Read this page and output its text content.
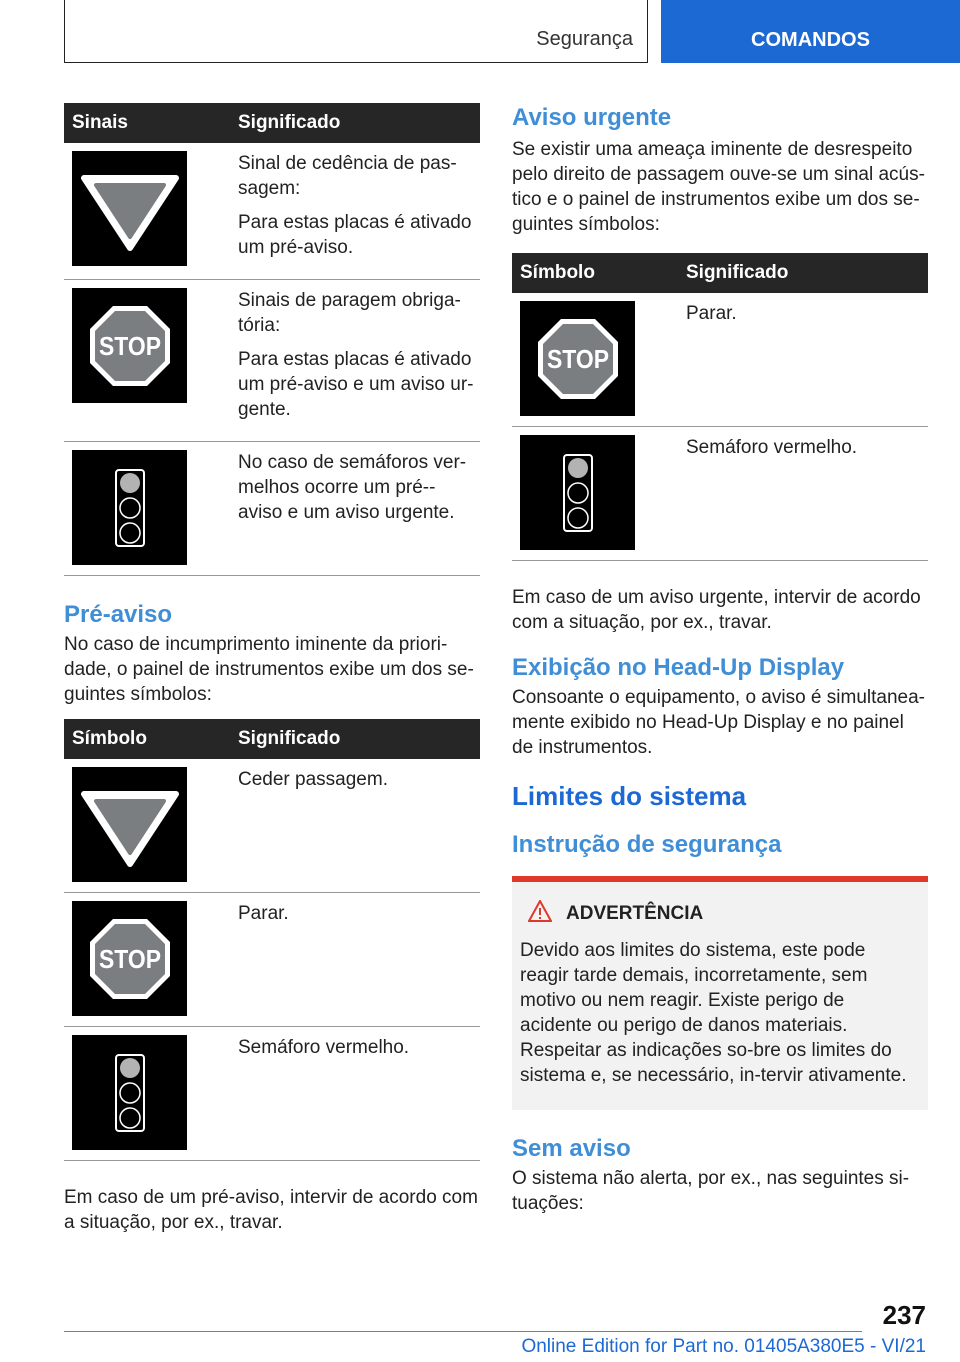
Segurança	COMANDOS
Sinais	Significado

Sinal de cedência de pas-sagem:

Para estas placas é ativado um pré-aviso.

STOP	Sinais de paragem obriga-tória:

Para estas placas é ativado um pré-aviso e um aviso ur-gente.

No caso de semáforos ver-melhos ocorre um pré--aviso e um aviso urgente.

Pré-aviso

No caso de incumprimento iminente da priori-dade, o painel de instrumentos exibe um dos se-guintes símbolos:

Símbolo	Significado

Ceder passagem.

STOP	Parar.

Semáforo vermelho.

Em caso de um pré-aviso, intervir de acordo com a situação, por ex., travar.

Aviso urgente

Se existir uma ameaça iminente de desrespeito pelo direito de passagem ouve-se um sinal acús-tico e o painel de instrumentos exibe um dos se-guintes símbolos:

Símbolo	Significado

STOP	Parar.

Semáforo vermelho.

Em caso de um aviso urgente, intervir de acordo com a situação, por ex., travar.

Exibição no Head-Up Display

Consoante o equipamento, o aviso é simultanea-mente exibido no Head-Up Display e no painel de instrumentos.

Limites do sistema
Instrução de segurança
ADVERTÊNCIA

Devido aos limites do sistema, este pode reagir tarde demais, incorretamente, sem motivo ou nem reagir. Existe perigo de acidente ou perigo de danos materiais. Respeitar as indicações so-bre os limites do sistema e, se necessário, in-tervir ativamente.

Sem aviso

O sistema não alerta, por ex., nas seguintes si-tuações:

237
Online Edition for Part no. 01405A380E5 - VI/21
